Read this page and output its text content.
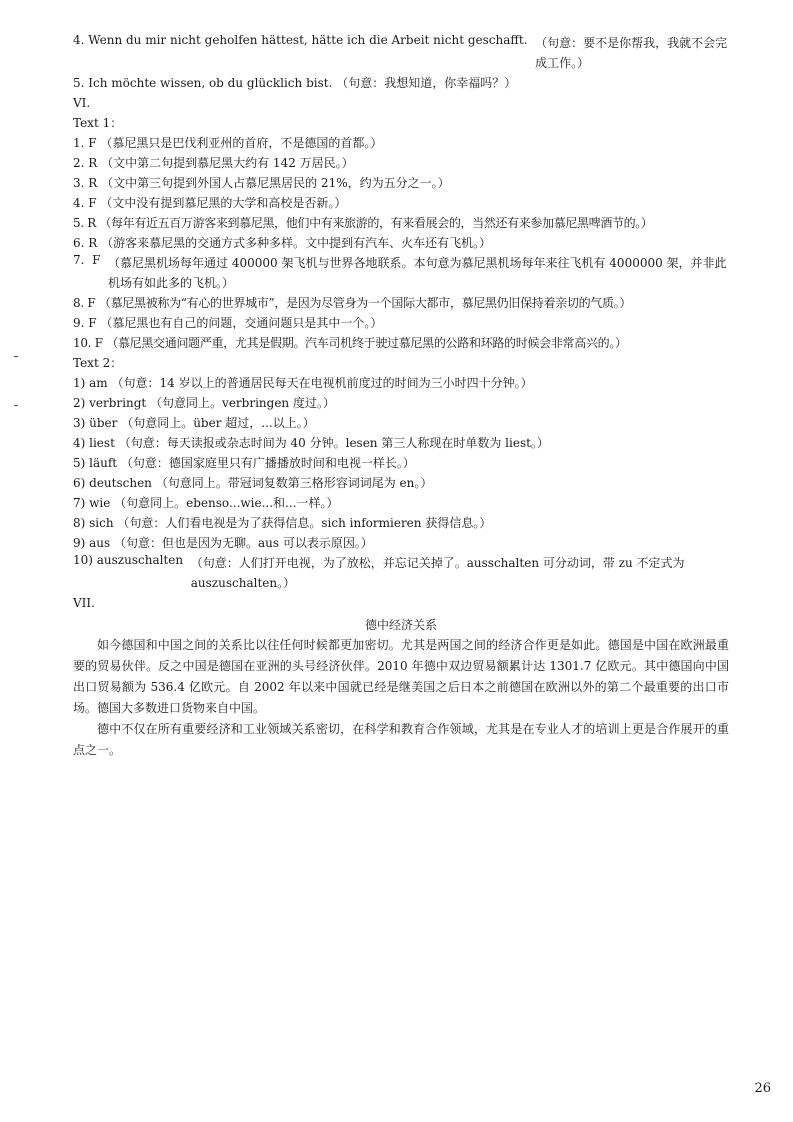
4. Wenn du mir nicht geholfen hättest, hätte ich die Arbeit nicht geschafft. （句意：要不是你帮我，我就不会完成工作。）

5. Ich möchte wissen, ob du glücklich bist. （句意：我想知道，你幸福吗？）

VI.

Text 1：

1. F （慕尼黑只是巴伐利亚州的首府，不是德国的首都。）

2. R （文中第二句提到慕尼黑大约有 142 万居民。）

3. R （文中第三句提到外国人占慕尼黑居民的 21%，约为五分之一。）

4. F （文中没有提到慕尼黑的大学和高校是否新。）

5. R （每年有近五百万游客来到慕尼黑，他们中有来旅游的，有来看展会的，当然还有来参加慕尼黑啤酒节的。）

6. R （游客来慕尼黑的交通方式多种多样。文中提到有汽车、火车还有飞机。）

7.  F （慕尼黑机场每年通过 400000 架飞机与世界各地联系。本句意为慕尼黑机场每年来往飞机有 4000000 架，并非此机场有如此多的飞机。）

8. F （慕尼黑被称为“有心的世界城市”，是因为尽管身为一个国际大都市，慕尼黑仍旧保持着亲切的气质。）

9. F （慕尼黑也有自己的问题，交通问题只是其中一个。）

10. F （慕尼黑交通问题严重，尤其是假期。汽车司机终于驶过慕尼黑的公路和环路的时候会非常高兴的。）

Text 2：

1) am （句意：14 岁以上的普通居民每天在电视机前度过的时间为三小时四十分钟。）

2) verbringt （句意同上。verbringen 度过。）

3) über （句意同上。über 超过，...以上。）

4) liest （句意：每天读报或杂志时间为 40 分钟。lesen 第三人称现在时单数为 liest。）

5) läuft （句意：德国家庭里只有广播播放时间和电视一样长。）

6) deutschen （句意同上。带冠词复数第三格形容词词尾为 en。）

7) wie （句意同上。ebenso...wie...和...一样。）

8) sich （句意：人们看电视是为了获得信息。sich informieren 获得信息。）

9) aus （句意：但也是因为无聊。aus 可以表示原因。）

10) auszuschalten （句意：人们打开电视，为了放松，并忘记关掉了。ausschalten 可分动词，带 zu 不定式为 auszuschalten。）

VII.

德中经济关系

如今德国和中国之间的关系比以往任何时候都更加密切。尤其是两国之间的经济合作更是如此。德国是中国在欧洲最重要的贸易伙伴。反之中国是德国在亚洲的头号经济伙伴。2010 年德中双边贸易额累计达 1301.7 亿欧元。其中德国向中国出口贸易额为 536.4 亿欧元。自 2002 年以来中国就已经是继美国之后日本之前德国在欧洲以外的第二个最重要的出口市场。德国大多数进口货物来自中国。

德中不仅在所有重要经济和工业领域关系密切，在科学和教育合作领域，尤其是在专业人才的培训上更是合作展开的重点之一。

26
